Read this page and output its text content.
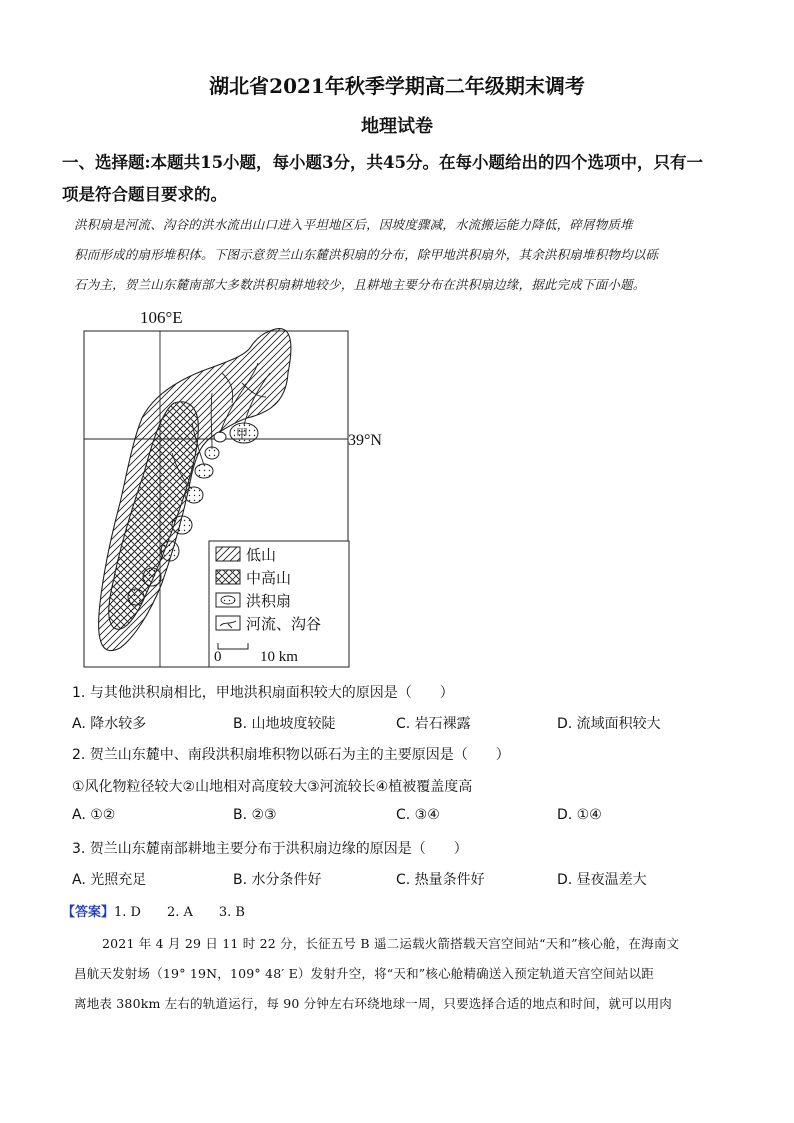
湖北省2021年秋季学期高二年级期末调考
地理试卷
一、选择题:本题共15小题，每小题3分，共45分。在每小题给出的四个选项中，只有一
项是符合题目要求的。
洪积扇是河流、沟谷的洪水流出山口进入平坦地区后，因坡度骤减，水流搬运能力降低，碎屑物质堆
积而形成的扇形堆积体。下图示意贺兰山东麓洪积扇的分布，除甲地洪积扇外，其余洪积扇堆积物均以砾
石为主，贺兰山东麓南部大多数洪积扇耕地较少，且耕地主要分布在洪积扇边缘，据此完成下面小题。
106°E
39°N
甲
低山
中高山
洪积扇
河流、沟谷
0	10 km
1. 与其他洪积扇相比，甲地洪积扇面积较大的原因是（　　）
A. 降水较多	B. 山地坡度较陡	C. 岩石裸露	D. 流域面积较大
2. 贺兰山东麓中、南段洪积扇堆积物以砾石为主的主要原因是（　　）
①风化物粒径较大②山地相对高度较大③河流较长④植被覆盖度高
A. ①②	B. ②③	C. ③④	D. ①④
3. 贺兰山东麓南部耕地主要分布于洪积扇边缘的原因是（　　）
A. 光照充足	B. 水分条件好	C. 热量条件好	D. 昼夜温差大
【答案】1. D　　2. A　　3. B
2021 年 4 月 29 日 11 时 22 分，长征五号 B 遥二运载火箭搭载天宫空间站“天和”核心舱，在海南文
昌航天发射场（19° 19N，109° 48′ E）发射升空，将“天和”核心舱精确送入预定轨道天宫空间站以距
离地表 380km 左右的轨道运行，每 90 分钟左右环绕地球一周，只要选择合适的地点和时间，就可以用肉
